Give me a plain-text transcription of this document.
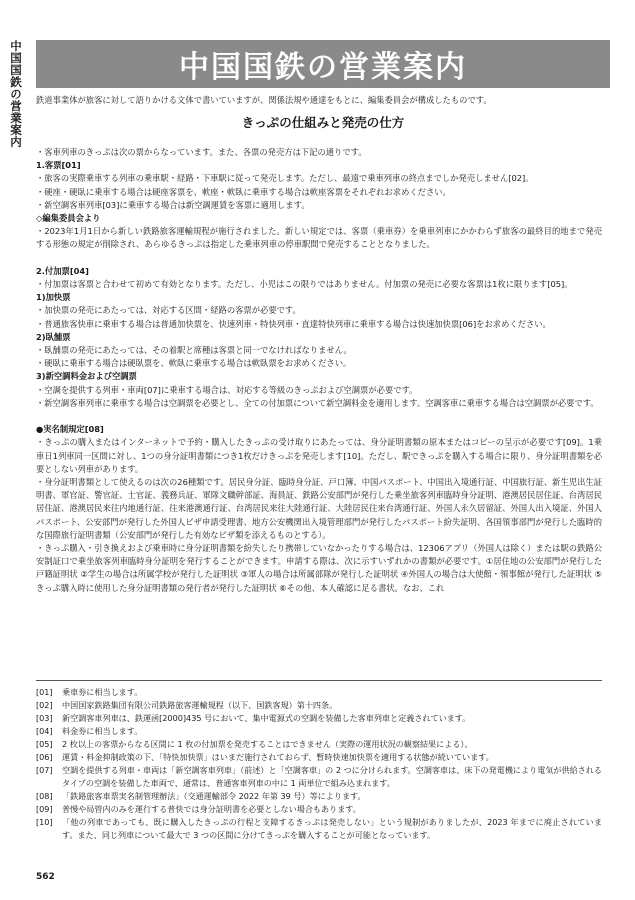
中国国鉄の営業案内	中国国鉄の営業案内
鉄道事業体が旅客に対して語りかける文体で書いていますが、関係法規や通達をもとに、編集委員会が構成したものです。
きっぷの仕組みと発売の仕方

・客車列車のきっぷは次の票からなっています。また、各票の発売方は下記の通りです。

1.客票[01]

・旅客の実際乗車する列車の乗車駅・経路・下車駅に従って発売します。ただし、最遠で乗車列車の終点までしか発売しません[02]。

・硬座・硬臥に乗車する場合は硬座客票を、軟座・軟臥に乗車する場合は軟座客票をそれぞれお求めください。

・新空調客車列車[03]に乗車する場合は新空調運賃を客票に適用します。

◇編集委員会より

・2023年1月1日から新しい鉄路旅客運輸規程が施行されました。新しい規定では、客票（乗車券）を乗車列車にかかわらず旅客の最終目的地まで発売する形態の規定が削除され、あらゆるきっぷは指定した乗車列車の停車駅間で発売することとなりました。

2.付加票[04]

・付加票は客票と合わせて初めて有効となります。ただし、小児はこの限りではありません。付加票の発売に必要な客票は1枚に限ります[05]。

1)加快票

・加快票の発売にあたっては、対応する区間・経路の客票が必要です。

・普通旅客快車に乗車する場合は普通加快票を、快速列車・特快列車・直達特快列車に乗車する場合は快速加快票[06]をお求めください。

2)臥舗票

・臥舗票の発売にあたっては、その着駅と席種は客票と同一でなければなりません。

・硬臥に乗車する場合は硬臥票を、軟臥に乗車する場合は軟臥票をお求めください。

3)新空調料金および空調票

・空調を提供する列車・車両[07]に乗車する場合は、対応する等級のきっぷおよび空調票が必要です。

・新空調客車列車に乗車する場合は空調票を必要とし、全ての付加票について新空調料金を適用します。空調客車に乗車する場合は空調票が必要です。

●実名制規定[08]

・きっぷの購入またはインターネットで予約・購入したきっぷの受け取りにあたっては、身分証明書類の原本またはコピーの呈示が必要です[09]。1乗車日1列車同一区間に対し、1つの身分証明書類につき1枚だけきっぷを発売します[10]。ただし、駅できっぷを購入する場合に限り、身分証明書類を必要としない列車があります。

・身分証明書類として使えるのは次の26種類です。居民身分証、臨時身分証、戸口簿、中国パスポート、中国出入境通行証、中国旅行証、新生児出生証明書、軍官証、警官証、士官証、義務兵証、軍隊文職幹部証、海員証、鉄路公安部門が発行した乗坐旅客列車臨時身分証明、港澳居民居住証、台湾居民居住証、港澳居民来往内地通行証、往来港澳通行証、台湾居民来往大陸通行証、大陸居民往来台湾通行証、外国人永久居留証、外国人出入境証、外国人パスポート、公安部門が発行した外国人ビザ申請受理書、地方公安機関出入境管理部門が発行したパスポート紛失証明、各国領事部門が発行した臨時的な国際旅行証明書類（公安部門が発行した有効なビザ類を添えるものとする）。

・きっぷ購入・引き換えおよび乗車時に身分証明書類を紛失したり携帯していなかったりする場合は、12306アプリ（外国人は除く）または駅の鉄路公安制証口で乗坐旅客列車臨時身分証明を発行することができます。申請する際は、次に示すいずれかの書類が必要です。①居住地の公安部門が発行した戸籍証明状 ②学生の場合は所属学校が発行した証明状 ③軍人の場合は所属部隊が発行した証明状 ④外国人の場合は大使館・領事館が発行した証明状 ⑤きっぷ購入時に使用した身分証明書類の発行者が発行した証明状 ⑥その他、本人確認に足る書状。なお、これ

[01]	乗車券に相当します。
[02]	中国国家鉄路集団有限公司鉄路旅客運輸規程（以下、国鉄客規）第十四条。
[03]	新空調客車列車は、鉄運函[2000]435 号において、集中電源式の空調を装備した客車列車と定義されています。
[04]	料金券に相当します。
[05]	2 枚以上の客票からなる区間に 1 枚の付加票を発売することはできません（実際の運用状況の観察結果による）。
[06]	運賃・料金抑制政策の下、「特快加快票」はいまだ施行されておらず、暫時快速加快票を適用する状態が続いています。
[07]	空調を提供する列車・車両は「新空調客車列車」（前述）と「空調客車」の 2 つに分けられます。空調客車は、床下の発電機により電気が供給されるタイプの空調を装備した車両で、通常は、普通客車列車の中に 1 両単位で組み込まれます。
[08]	「鉄路旅客車票実名制管理辦法」（交通運輸部令 2022 年第 39 号）等によります。
[09]	普慢や局管内のみを運行する普快では身分証明書を必要としない場合もあります。
[10]	「他の列車であっても、既に購入したきっぷの行程と支障するきっぷは発売しない」という規制がありましたが、2023 年までに廃止されています。また、同じ列車について最大で 3 つの区間に分けてきっぷを購入することが可能となっています。
562
